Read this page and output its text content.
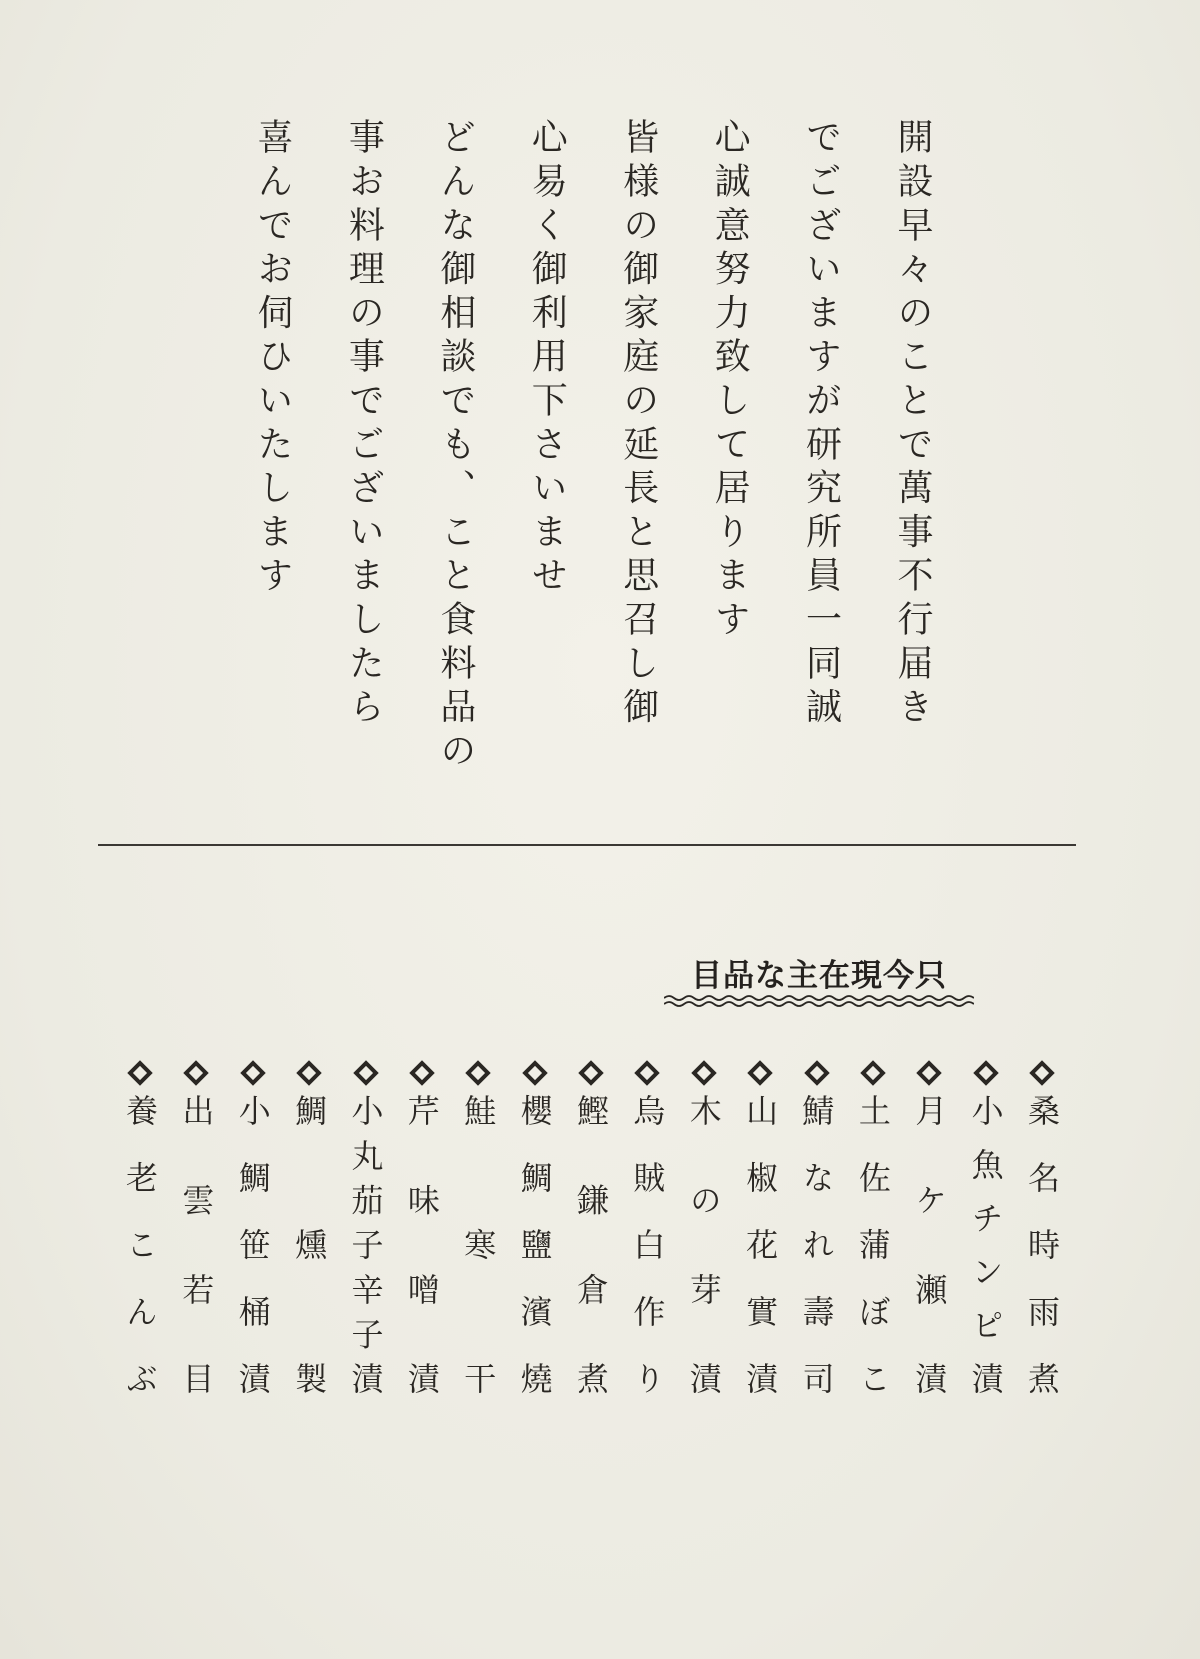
開設早々のことで萬事不行届き
でございますが研究所員一同誠
心誠意努力致して居ります
皆様の御家庭の延長と思召し御
心易く御利用下さいませ
どんな御相談でも、こと食料品の
事お料理の事でございましたら
喜んでお伺ひいたします
只今現在主な品目
桑名時雨煮
小魚チンピ漬
月ケ瀬漬
土佐蒲ぼこ
鯖なれ壽司
山椒花實漬
木の芽漬
烏賊白作り
鰹鎌倉煮
櫻鯛鹽濱燒
鮭寒干
芹味噌漬
小丸茄子辛子漬
鯛燻製
小鯛笹桶漬
出雲若目
養老こんぶ
